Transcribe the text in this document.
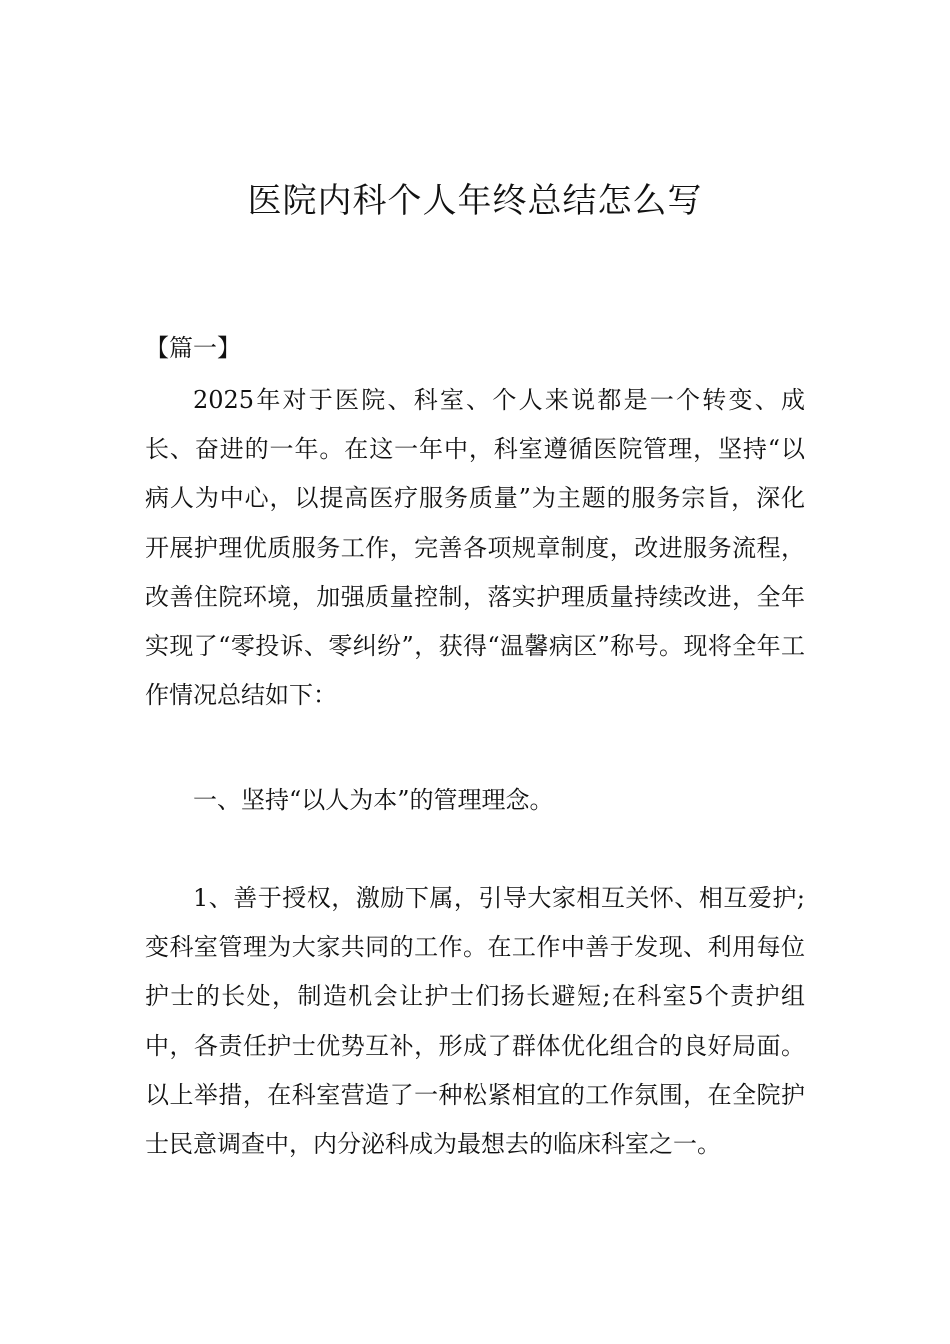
医院内科个人年终总结怎么写

【篇一】

2025年对于医院、科室、个人来说都是一个转变、成长、奋进的一年。在这一年中，科室遵循医院管理，坚持“以病人为中心，以提高医疗服务质量”为主题的服务宗旨，深化开展护理优质服务工作，完善各项规章制度，改进服务流程，改善住院环境，加强质量控制，落实护理质量持续改进，全年实现了“零投诉、零纠纷”，获得“温馨病区”称号。现将全年工作情况总结如下：

一、坚持“以人为本”的管理理念。

1、善于授权，激励下属，引导大家相互关怀、相互爱护;变科室管理为大家共同的工作。在工作中善于发现、利用每位护士的长处，制造机会让护士们扬长避短;在科室5个责护组中，各责任护士优势互补，形成了群体优化组合的良好局面。以上举措，在科室营造了一种松紧相宜的工作氛围，在全院护士民意调查中，内分泌科成为最想去的临床科室之一。
